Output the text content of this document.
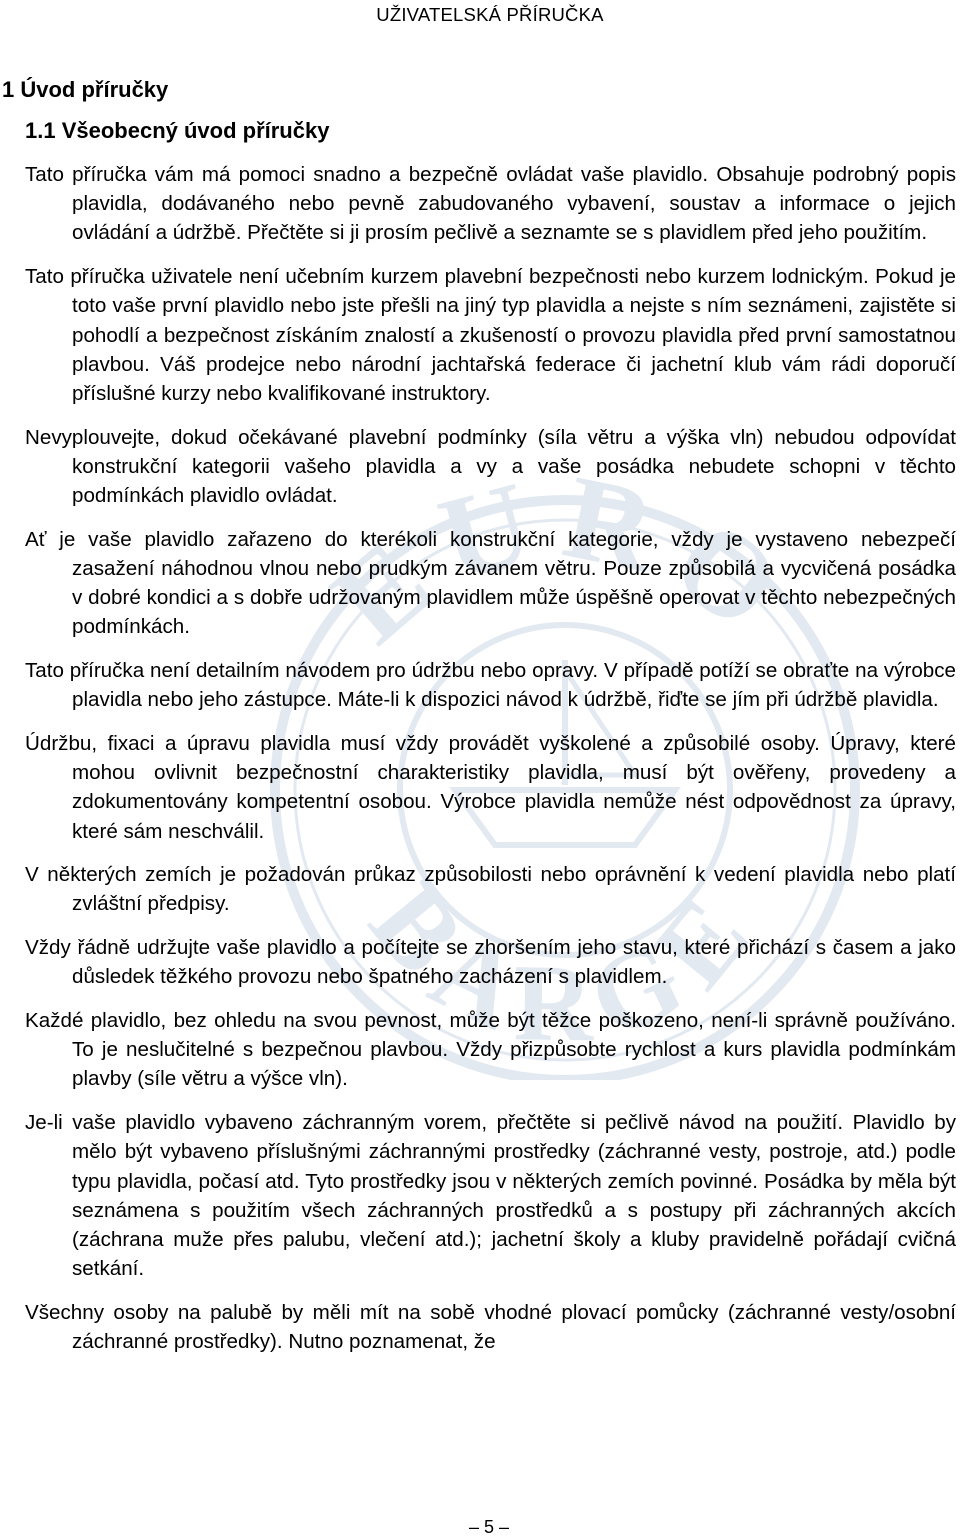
EURO
BARGE
UŽIVATELSKÁ PŘÍRUČKA
1 Úvod příručky
1.1 Všeobecný úvod příručky

Tato příručka vám má pomoci snadno a bezpečně ovládat vaše plavidlo. Obsahuje podrobný popis plavidla, dodávaného nebo pevně zabudovaného vybavení, soustav a informace o jejich ovládání a údržbě. Přečtěte si ji prosím pečlivě a seznamte se s plavidlem před jeho použitím.

Tato příručka uživatele není učebním kurzem plavební bezpečnosti nebo kurzem lodnickým. Pokud je toto vaše první plavidlo nebo jste přešli na jiný typ plavidla a nejste s ním seznámeni, zajistěte si pohodlí a bezpečnost získáním znalostí a zkušeností o provozu plavidla před první samostatnou plavbou. Váš prodejce nebo národní jachtařská federace či jachetní klub vám rádi doporučí příslušné kurzy nebo kvalifikované instruktory.

Nevyplouvejte, dokud očekávané plavební podmínky (síla větru a výška vln) nebudou odpovídat konstrukční kategorii vašeho plavidla a vy a vaše posádka nebudete schopni v těchto podmínkách plavidlo ovládat.

Ať je vaše plavidlo zařazeno do kterékoli konstrukční kategorie, vždy je vystaveno nebezpečí zasažení náhodnou vlnou nebo prudkým závanem větru. Pouze způsobilá a vycvičená posádka v dobré kondici a s dobře udržovaným plavidlem může úspěšně operovat v těchto nebezpečných podmínkách.

Tato příručka není detailním návodem pro údržbu nebo opravy. V případě potíží se obraťte na výrobce plavidla nebo jeho zástupce. Máte-li k dispozici návod k údržbě, řiďte se jím při údržbě plavidla.

Údržbu, fixaci a úpravu plavidla musí vždy provádět vyškolené a způsobilé osoby. Úpravy, které mohou ovlivnit bezpečnostní charakteristiky plavidla, musí být ověřeny, provedeny a zdokumentovány kompetentní osobou. Výrobce plavidla nemůže nést odpovědnost za úpravy, které sám neschválil.

V některých zemích je požadován průkaz způsobilosti nebo oprávnění k vedení plavidla nebo platí zvláštní předpisy.

Vždy řádně udržujte vaše plavidlo a počítejte se zhoršením jeho stavu, které přichází s časem a jako důsledek těžkého provozu nebo špatného zacházení s plavidlem.

Každé plavidlo, bez ohledu na svou pevnost, může být těžce poškozeno, není-li správně používáno. To je neslučitelné s bezpečnou plavbou. Vždy přizpůsobte rychlost a kurs plavidla podmínkám plavby (síle větru a výšce vln).

Je-li vaše plavidlo vybaveno záchranným vorem, přečtěte si pečlivě návod na použití. Plavidlo by mělo být vybaveno příslušnými záchrannými prostředky (záchranné vesty, postroje, atd.) podle typu plavidla, počasí atd. Tyto prostředky jsou v některých zemích povinné. Posádka by měla být seznámena s použitím všech záchranných prostředků a s postupy při záchranných akcích (záchrana muže přes palubu, vlečení atd.); jachetní školy a kluby pravidelně pořádají cvičná setkání.

Všechny osoby na palubě by měli mít na sobě vhodné plovací pomůcky (záchranné vesty/osobní záchranné prostředky). Nutno poznamenat, že

– 5 –
